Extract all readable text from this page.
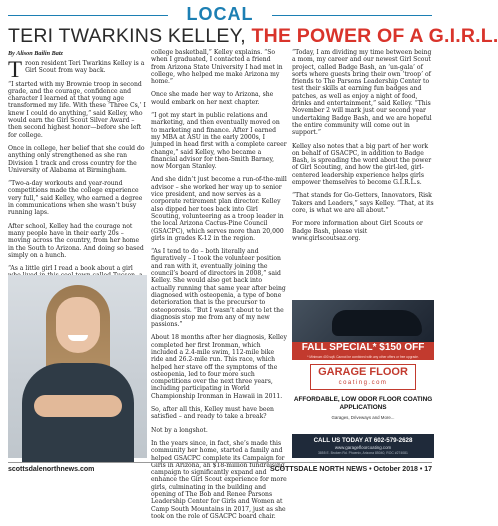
LOCAL
TERI TWARKINS KELLEY, THE POWER OF A G.I.R.L.
By Alison Bailin Batz

Troon resident Teri Twarkins Kelley is a Girl Scout from way back.

“I started with my Brownie troop in second grade, and the courage, confidence and character I learned at that young age transformed my life. With these ‘Three Cs,’ I knew I could do anything,” said Kelley, who would earn the Girl Scout Silver Award – then second highest honor—before she left for college.

Once in college, her belief that she could do anything only strengthened as she ran Division 1 track and cross country for the University of Alabama at Birmingham.

“Two-a-day workouts and year-round competitions made the college experience very full,” said Kelley, who earned a degree in communications when she wasn’t busy running laps.

After school, Kelley had the courage not many people have in their early 20s – moving across the country, from her home in the South to Arizona. And doing so based simply on a hunch.

“As a little girl I read a book about a girl

college basketball,” Kelley explains. “So when I graduated, I contacted a friend from Arizona State University I had met in college, who helped me make Arizona my home.”

Once she made her way to Arizona, she would embark on her next chapter.

“I got my start in public relations and marketing, and then eventually moved on to marketing and finance. After I earned my MBA at ASU in the early 2000s, I jumped in head first with a complete career change,” said Kelley, who became a financial advisor for then-Smith Barney, now Morgan Stanley.

And she didn’t just become a run-of-the-mill advisor – she worked her way up to senior vice president, and now serves as a corporate retirement plan director. Kelley also dipped her toes back into Girl Scouting, volunteering as a troop leader in the local Arizona Cactus-Pine Council (GSACPC), which serves more than 20,000 girls in grades K-12 in the region.

“As I tend to do – both literally and figuratively – I took the volunteer position and ran with it, eventually joining the council’s board of directors in 2008,” said Kelley. She would also get back into actually running that same year after being diagnosed with osteopenia, a type of bone deterioration that is the precursor to osteoporosis. “But I wasn’t about to let the diagnosis stop me from any of my new passions.”

About 18 months after her diagnosis, Kelley completed her first Ironman, which included a 2.4-mile swim, 112-mile bike ride and 26.2-mile run. This race, which helped her stave off the symptoms of the osteopenia, led to four more such competitions over the next three years, including participating in World Championship Ironman in Hawaii in 2011.

So, after all this, Kelley must have been satisfied – and ready to take a break?

Not by a longshot.

In the years since, in fact, she’s made this community her home, started a family and helped GSACPC complete its Campaign for Girls in Arizona, an $18-million fundraising campaign to significantly expand and enhance the Girl Scout experience for more girls, culminating in the building and opening of The Bob and Renee Parsons Leadership Center for Girls and Women at Camp South Mountains in 2017, just as she took on the role of GSACPC board chair.

“Today, I am dividing my time between being a mom, my career and our newest Girl Scout project, called Badge Bash, an ‘un-gala’ of sorts where guests bring their own ‘troop’ of friends to The Parsons Leadership Center to test their skills at earning fun badges and patches, as well as enjoy a night of food, drinks and entertainment,” said Kelley. “This November 2 will mark just our second year undertaking Badge Bash, and we are hopeful the entire community will come out in support.”

Kelley also notes that a big part of her work on behalf of GSACPC, in addition to Badge Bash, is spreading the word about the power of Girl Scouting, and how the girl-led, girl-centered leadership experience helps girls empower themselves to become G.I.R.L.s.

“That stands for Go-Getters, Innovators, Risk Takers and Leaders,” says Kelley. “That, at its core, is what we are all about.”

For more information about Girl Scouts or Badge Bash, please visit www.girlscoutsaz.org.

FALL SPECIAL* $150 OFF
* Minimum 400 sqft. Cannot be combined with any other offers or free upgrade.
GARAGE FLOOR
coating.com
AFFORDABLE, LOW ODOR FLOOR COATING APPLICATIONS
Garages, Driveways and More...
CALL US TODAY AT 602-579-2628
www.garagefloorcoating.com
3855 E. Broken Rd. Phoenix, Arizona 85040, ROC #274081
scottsdalenorthnews.com	SCOTTSDALE NORTH NEWS • October 2018 • 17
